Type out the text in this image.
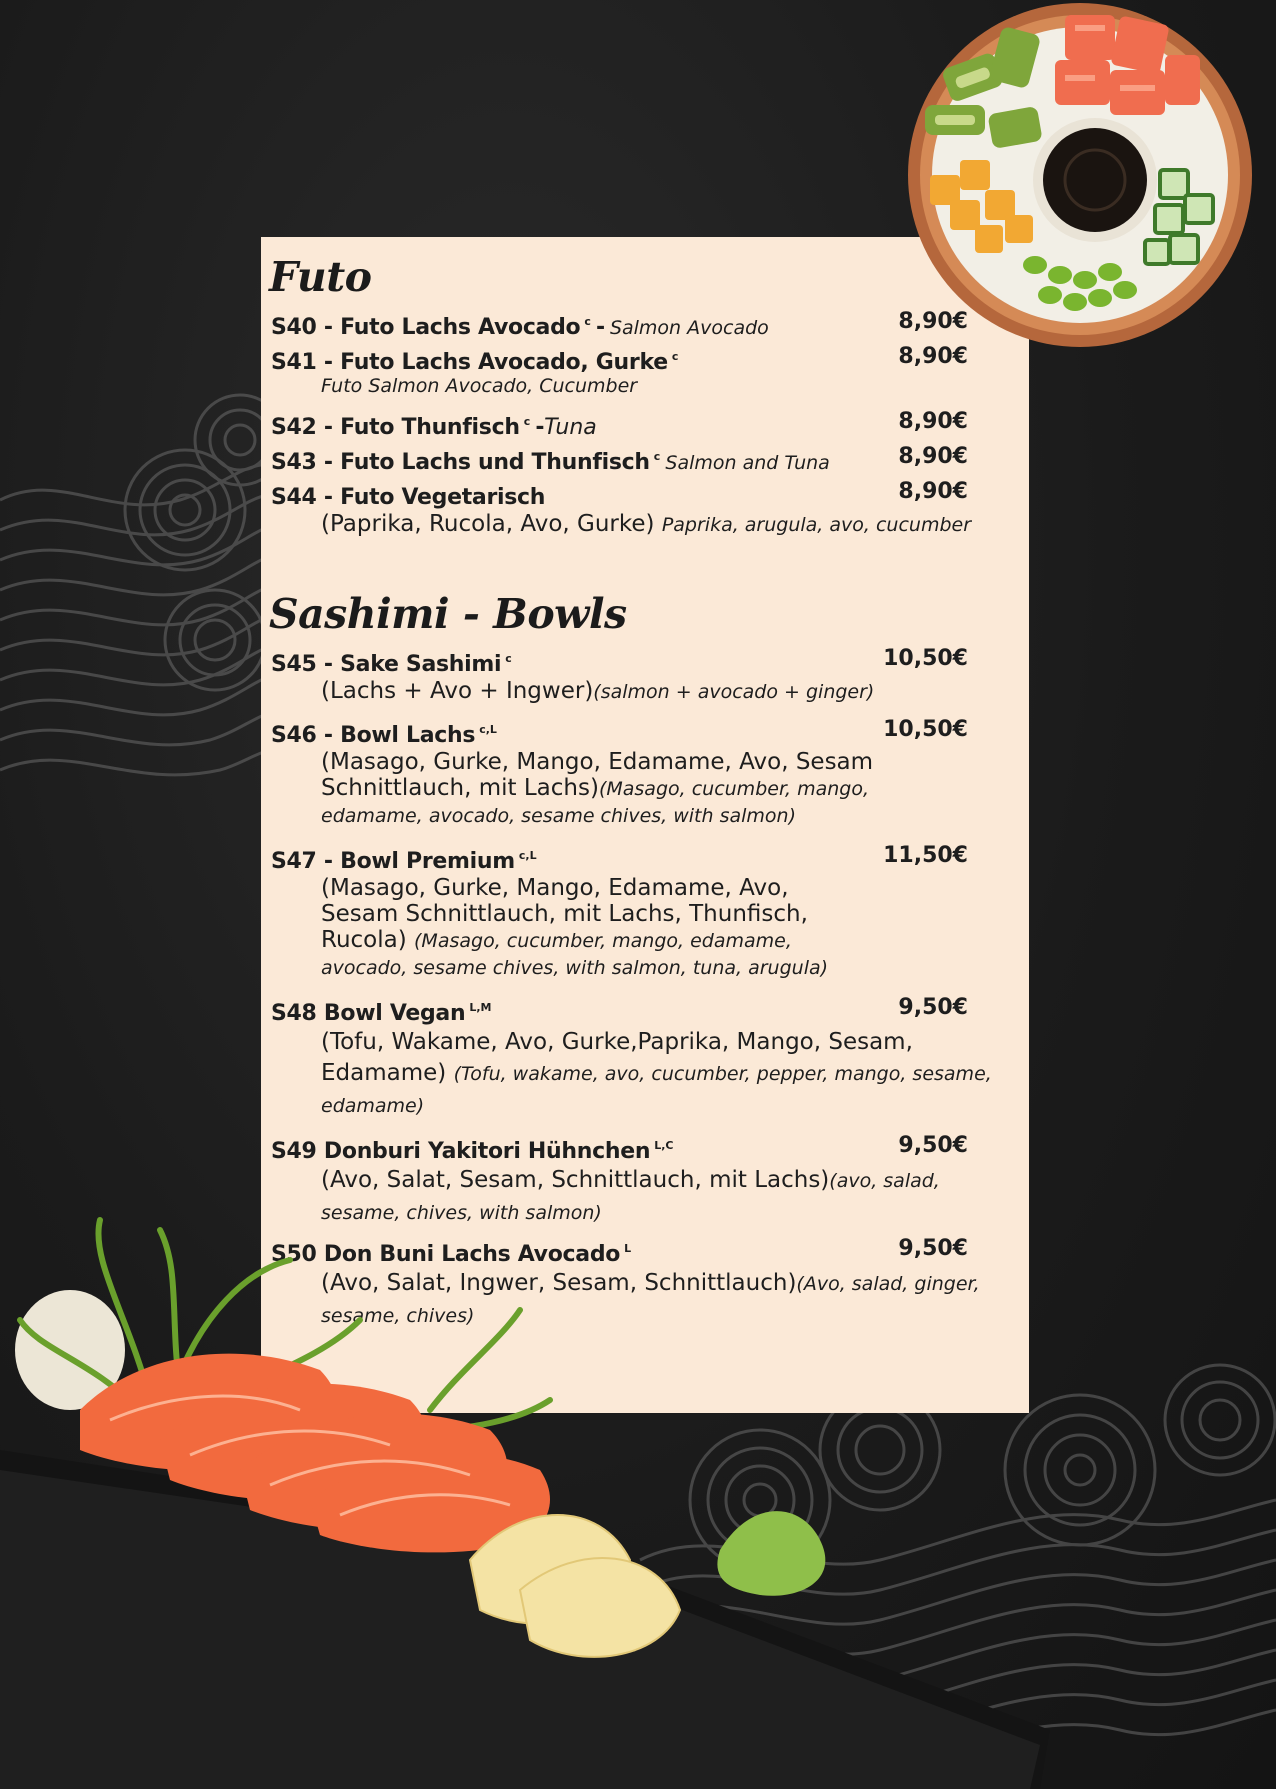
Futo
S40 - Futo Lachs Avocado $^c$ - Salmon Avocado	8,90€
S41 - Futo Lachs Avocado, Gurke $^c$	8,90€
Futo Salmon Avocado, Cucumber
S42 - Futo Thunfisch $^c$ -Tuna	8,90€
S43 - Futo Lachs und Thunfisch $^c$ Salmon and Tuna	8,90€
S44 - Futo Vegetarisch	8,90€
(Paprika, Rucola, Avo, Gurke) Paprika, arugula, avo, cucumber
Sashimi - Bowls
S45 - Sake Sashimi $^c$	10,50€
(Lachs + Avo + Ingwer)(salmon + avocado + ginger)
S46 - Bowl Lachs $^{c,L}$	10,50€
(Masago, Gurke, Mango, Edamame, Avo, Sesam Schnittlauch, mit Lachs)(Masago, cucumber, mango, edamame, avocado, sesame chives, with salmon)
S47 - Bowl Premium $^{c,L}$	11,50€
(Masago, Gurke, Mango, Edamame, Avo, Sesam Schnittlauch, mit Lachs, Thunfisch, Rucola) (Masago, cucumber, mango, edamame, avocado, sesame chives, with salmon, tuna, arugula)
S48 Bowl Vegan $^{L,M}$	9,50€
(Tofu, Wakame, Avo, Gurke,Paprika, Mango, Sesam, Edamame) (Tofu, wakame, avo, cucumber, pepper, mango, sesame, edamame)
S49 Donburi Yakitori Hühnchen $^{L,C}$	9,50€
(Avo, Salat, Sesam, Schnittlauch, mit Lachs)(avo, salad, sesame, chives, with salmon)
S50 Don Buni Lachs Avocado $^L$	9,50€
(Avo, Salat, Ingwer, Sesam, Schnittlauch)(Avo, salad, ginger, sesame, chives)
